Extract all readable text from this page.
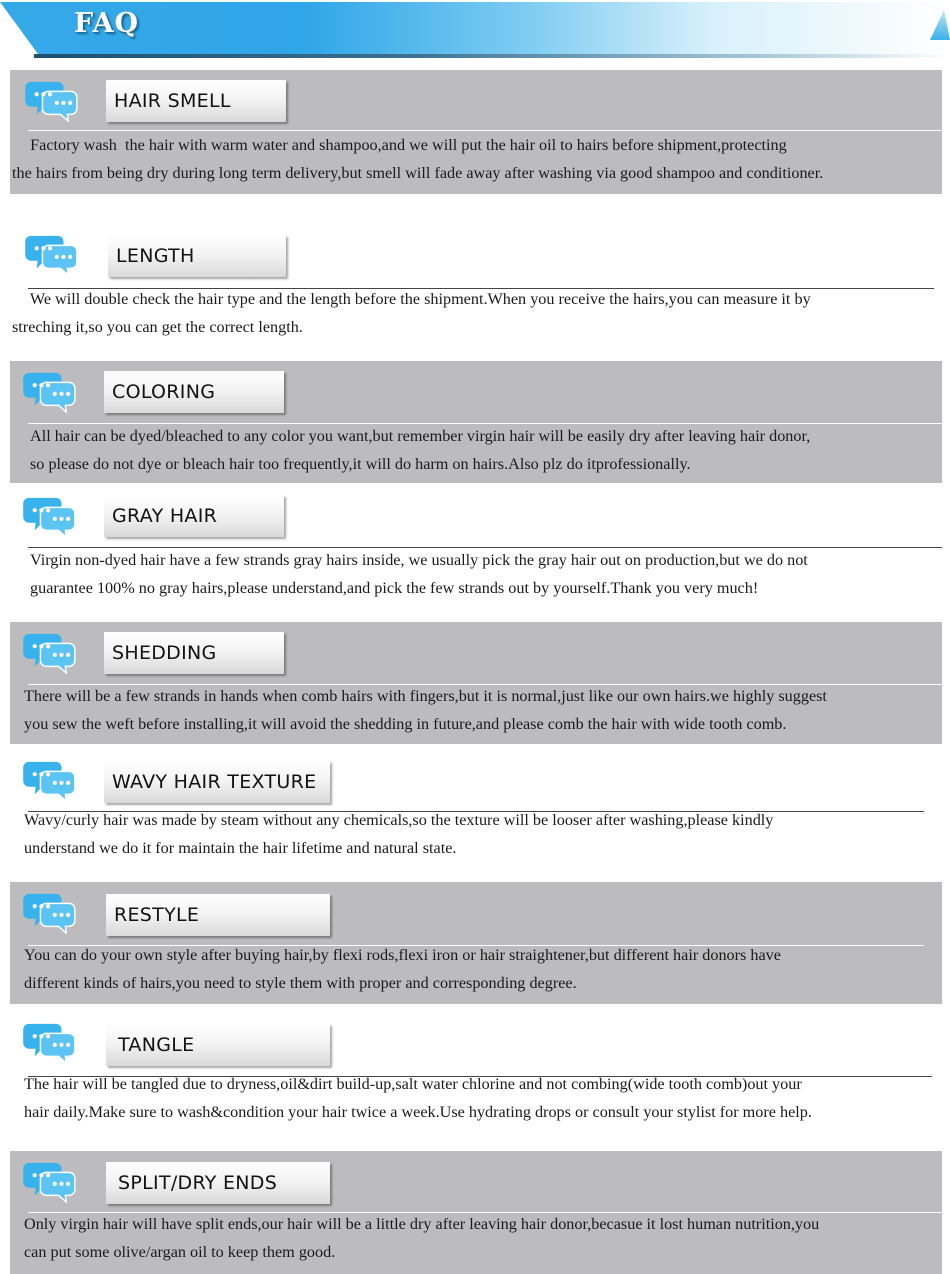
FAQ
HAIR SMELL
Factory wash  the hair with warm water and shampoo,and we will put the hair oil to hairs before shipment,protecting
the hairs from being dry during long term delivery,but smell will fade away after washing via good shampoo and conditioner.
LENGTH
We will double check the hair type and the length before the shipment.When you receive the hairs,you can measure it by
streching it,so you can get the correct length.
COLORING
All hair can be dyed/bleached to any color you want,but remember virgin hair will be easily dry after leaving hair donor,
so please do not dye or bleach hair too frequently,it will do harm on hairs.Also plz do itprofessionally.
GRAY HAIR
Virgin non-dyed hair have a few strands gray hairs inside, we usually pick the gray hair out on production,but we do not
guarantee 100% no gray hairs,please understand,and pick the few strands out by yourself.Thank you very much!
SHEDDING
There will be a few strands in hands when comb hairs with fingers,but it is normal,just like our own hairs.we highly suggest
you sew the weft before installing,it will avoid the shedding in future,and please comb the hair with wide tooth comb.
WAVY HAIR TEXTURE
Wavy/curly hair was made by steam without any chemicals,so the texture will be looser after washing,please kindly
understand we do it for maintain the hair lifetime and natural state.
RESTYLE
You can do your own style after buying hair,by flexi rods,flexi iron or hair straightener,but different hair donors have
different kinds of hairs,you need to style them with proper and corresponding degree.
TANGLE
The hair will be tangled due to dryness,oil&dirt build-up,salt water chlorine and not combing(wide tooth comb)out your
hair daily.Make sure to wash&condition your hair twice a week.Use hydrating drops or consult your stylist for more help.
SPLIT/DRY ENDS
Only virgin hair will have split ends,our hair will be a little dry after leaving hair donor,becasue it lost human nutrition,you
can put some olive/argan oil to keep them good.
